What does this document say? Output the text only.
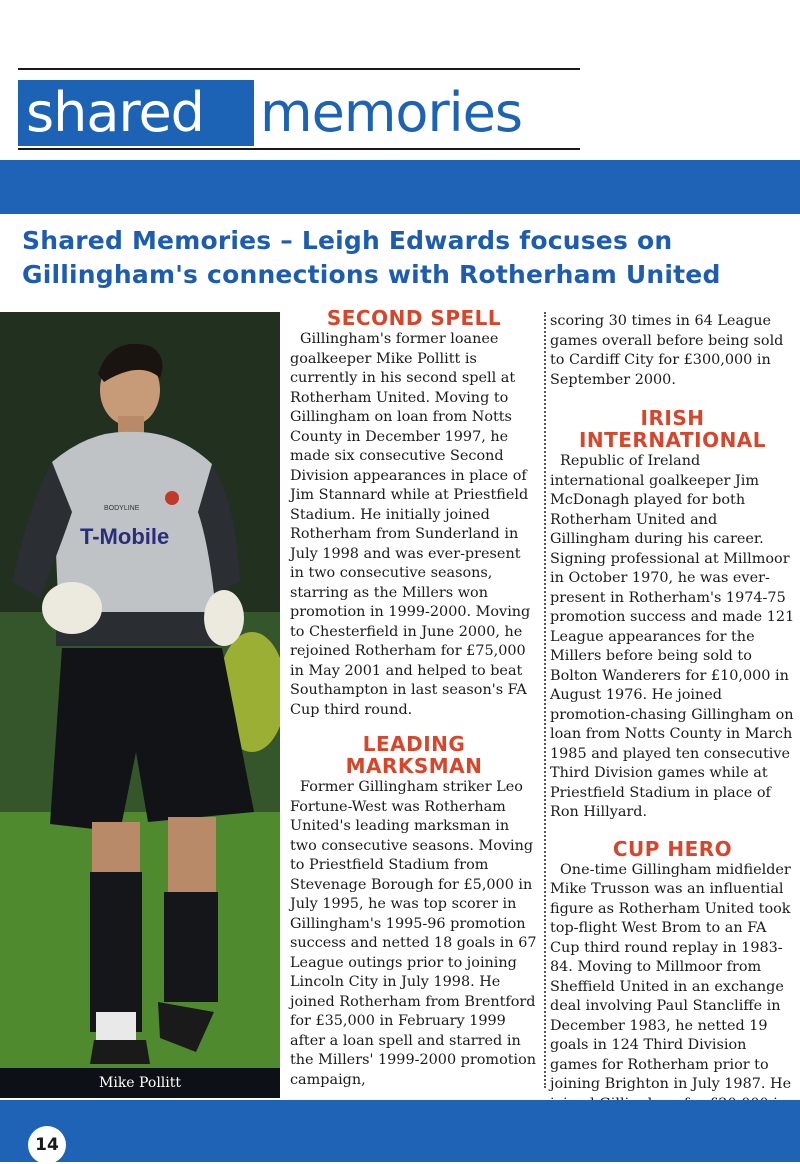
shared	memories
Shared Memories – Leigh Edwards focuses on Gillingham's connections with Rotherham United
T-Mobile
BODYLINE
Mike Pollitt
SECOND SPELL

Gillingham's former loanee goalkeeper Mike Pollitt is currently in his second spell at Rotherham United. Moving to Gillingham on loan from Notts County in December 1997, he made six consecutive Second Division appearances in place of Jim Stannard while at Priestfield Stadium. He initially joined Rotherham from Sunderland in July 1998 and was ever-present in two consecutive seasons, starring as the Millers won promotion in 1999-2000. Moving to Chesterfield in June 2000, he rejoined Rotherham for £75,000 in May 2001 and helped to beat Southampton in last season's FA Cup third round.

LEADING
MARKSMAN

Former Gillingham striker Leo Fortune-West was Rotherham United's leading marksman in two consecutive seasons. Moving to Priestfield Stadium from Stevenage Borough for £5,000 in July 1995, he was top scorer in Gillingham's 1995-96 promotion success and netted 18 goals in 67 League outings prior to joining Lincoln City in July 1998. He joined Rotherham from Brentford for £35,000 in February 1999 after a loan spell and starred in the Millers' 1999-2000 promotion campaign,

scoring 30 times in 64 League games overall before being sold to Cardiff City for £300,000 in September 2000.

IRISH
INTERNATIONAL

Republic of Ireland international goalkeeper Jim McDonagh played for both Rotherham United and Gillingham during his career. Signing professional at Millmoor in October 1970, he was ever-present in Rotherham's 1974-75 promotion success and made 121 League appearances for the Millers before being sold to Bolton Wanderers for £10,000 in August 1976. He joined promotion-chasing Gillingham on loan from Notts County in March 1985 and played ten consecutive Third Division games while at Priestfield Stadium in place of Ron Hillyard.

CUP HERO

One-time Gillingham midfielder Mike Trusson was an influential figure as Rotherham United took top-flight West Brom to an FA Cup third round replay in 1983-84. Moving to Millmoor from Sheffield United in an exchange deal involving Paul Stancliffe in December 1983, he netted 19 goals in 124 Third Division games for Rotherham prior to joining Brighton in July 1987. He

14
